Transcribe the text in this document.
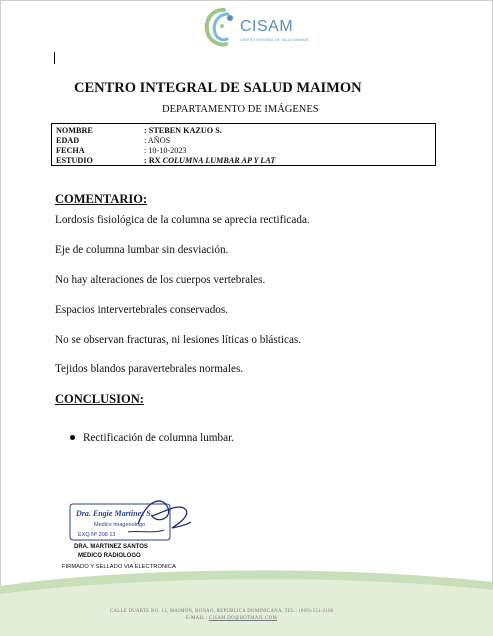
CISAM
CENTRO INTEGRAL DE SALUD MAIMON
CENTRO INTEGRAL DE SALUD MAIMON
DEPARTAMENTO DE IMÁGENES
NOMBRE	: STEBEN KAZUO S.
EDAD	: AÑOS
FECHA	: 10-10-2023
ESTUDIO	: RX COLUMNA LUMBAR AP Y LAT
COMENTARIO:
Lordosis fisiológica de la columna se aprecia rectificada.
Eje de columna lumbar sin desviación.
No hay alteraciones de los cuerpos vertebrales.
Espacios intervertebrales conservados.
No se observan fracturas, ni lesiones líticas o blásticas.
Tejidos blandos paravertebrales normales.
CONCLUSION:
Rectificación de columna lumbar.
Dra. Engie Martinez S.
Medico Imagenologo
EXQ Nº 208 13
DRA. MARTINEZ SANTOS
MEDICO RADIOLOGO
FIRMADO Y SELLADO VIA ELECTRONICA
CALLE DUARTE NO. 13, MAIMÓN, BONAO, REPUBLICA DOMINICANA, TEL.: (809)-551-2106
E-MAIL : CISAM.DO@HOTMAIL.COM
